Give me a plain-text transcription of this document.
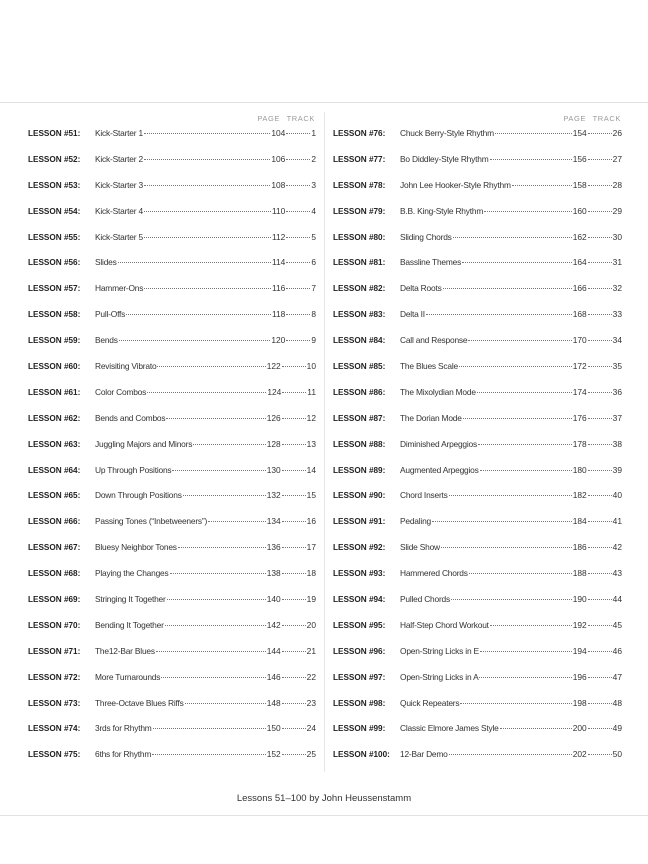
PAGE TRACK
LESSON #51:	Kick-Starter 1	104	1
LESSON #52:	Kick-Starter 2	106	2
LESSON #53:	Kick-Starter 3	108	3
LESSON #54:	Kick-Starter 4	110	4
LESSON #55:	Kick-Starter 5	112	5
LESSON #56:	Slides	114	6
LESSON #57:	Hammer-Ons	116	7
LESSON #58:	Pull-Offs	118	8
LESSON #59:	Bends	120	9
LESSON #60:	Revisiting Vibrato	122	10
LESSON #61:	Color Combos	124	11
LESSON #62:	Bends and Combos	126	12
LESSON #63:	Juggling Majors and Minors	128	13
LESSON #64:	Up Through Positions	130	14
LESSON #65:	Down Through Positions	132	15
LESSON #66:	Passing Tones (“Inbetweeners”)	134	16
LESSON #67:	Bluesy Neighbor Tones	136	17
LESSON #68:	Playing the Changes	138	18
LESSON #69:	Stringing It Together	140	19
LESSON #70:	Bending It Together	142	20
LESSON #71:	The12-Bar Blues	144	21
LESSON #72:	More Turnarounds	146	22
LESSON #73:	Three-Octave Blues Riffs	148	23
LESSON #74:	3rds for Rhythm	150	24
LESSON #75:	6ths for Rhythm	152	25
PAGE TRACK
LESSON #76:	Chuck Berry-Style Rhythm	154	26
LESSON #77:	Bo Diddley-Style Rhythm	156	27
LESSON #78:	John Lee Hooker-Style Rhythm	158	28
LESSON #79:	B.B. King-Style Rhythm	160	29
LESSON #80:	Sliding Chords	162	30
LESSON #81:	Bassline Themes	164	31
LESSON #82:	Delta Roots	166	32
LESSON #83:	Delta II	168	33
LESSON #84:	Call and Response	170	34
LESSON #85:	The Blues Scale	172	35
LESSON #86:	The Mixolydian Mode	174	36
LESSON #87:	The Dorian Mode	176	37
LESSON #88:	Diminished Arpeggios	178	38
LESSON #89:	Augmented Arpeggios	180	39
LESSON #90:	Chord Inserts	182	40
LESSON #91:	Pedaling	184	41
LESSON #92:	Slide Show	186	42
LESSON #93:	Hammered Chords	188	43
LESSON #94:	Pulled Chords	190	44
LESSON #95:	Half-Step Chord Workout	192	45
LESSON #96:	Open-String Licks in E	194	46
LESSON #97:	Open-String Licks in A	196	47
LESSON #98:	Quick Repeaters	198	48
LESSON #99:	Classic Elmore James Style	200	49
LESSON #100:	12-Bar Demo	202	50
Lessons 51–100 by John Heussenstamm
